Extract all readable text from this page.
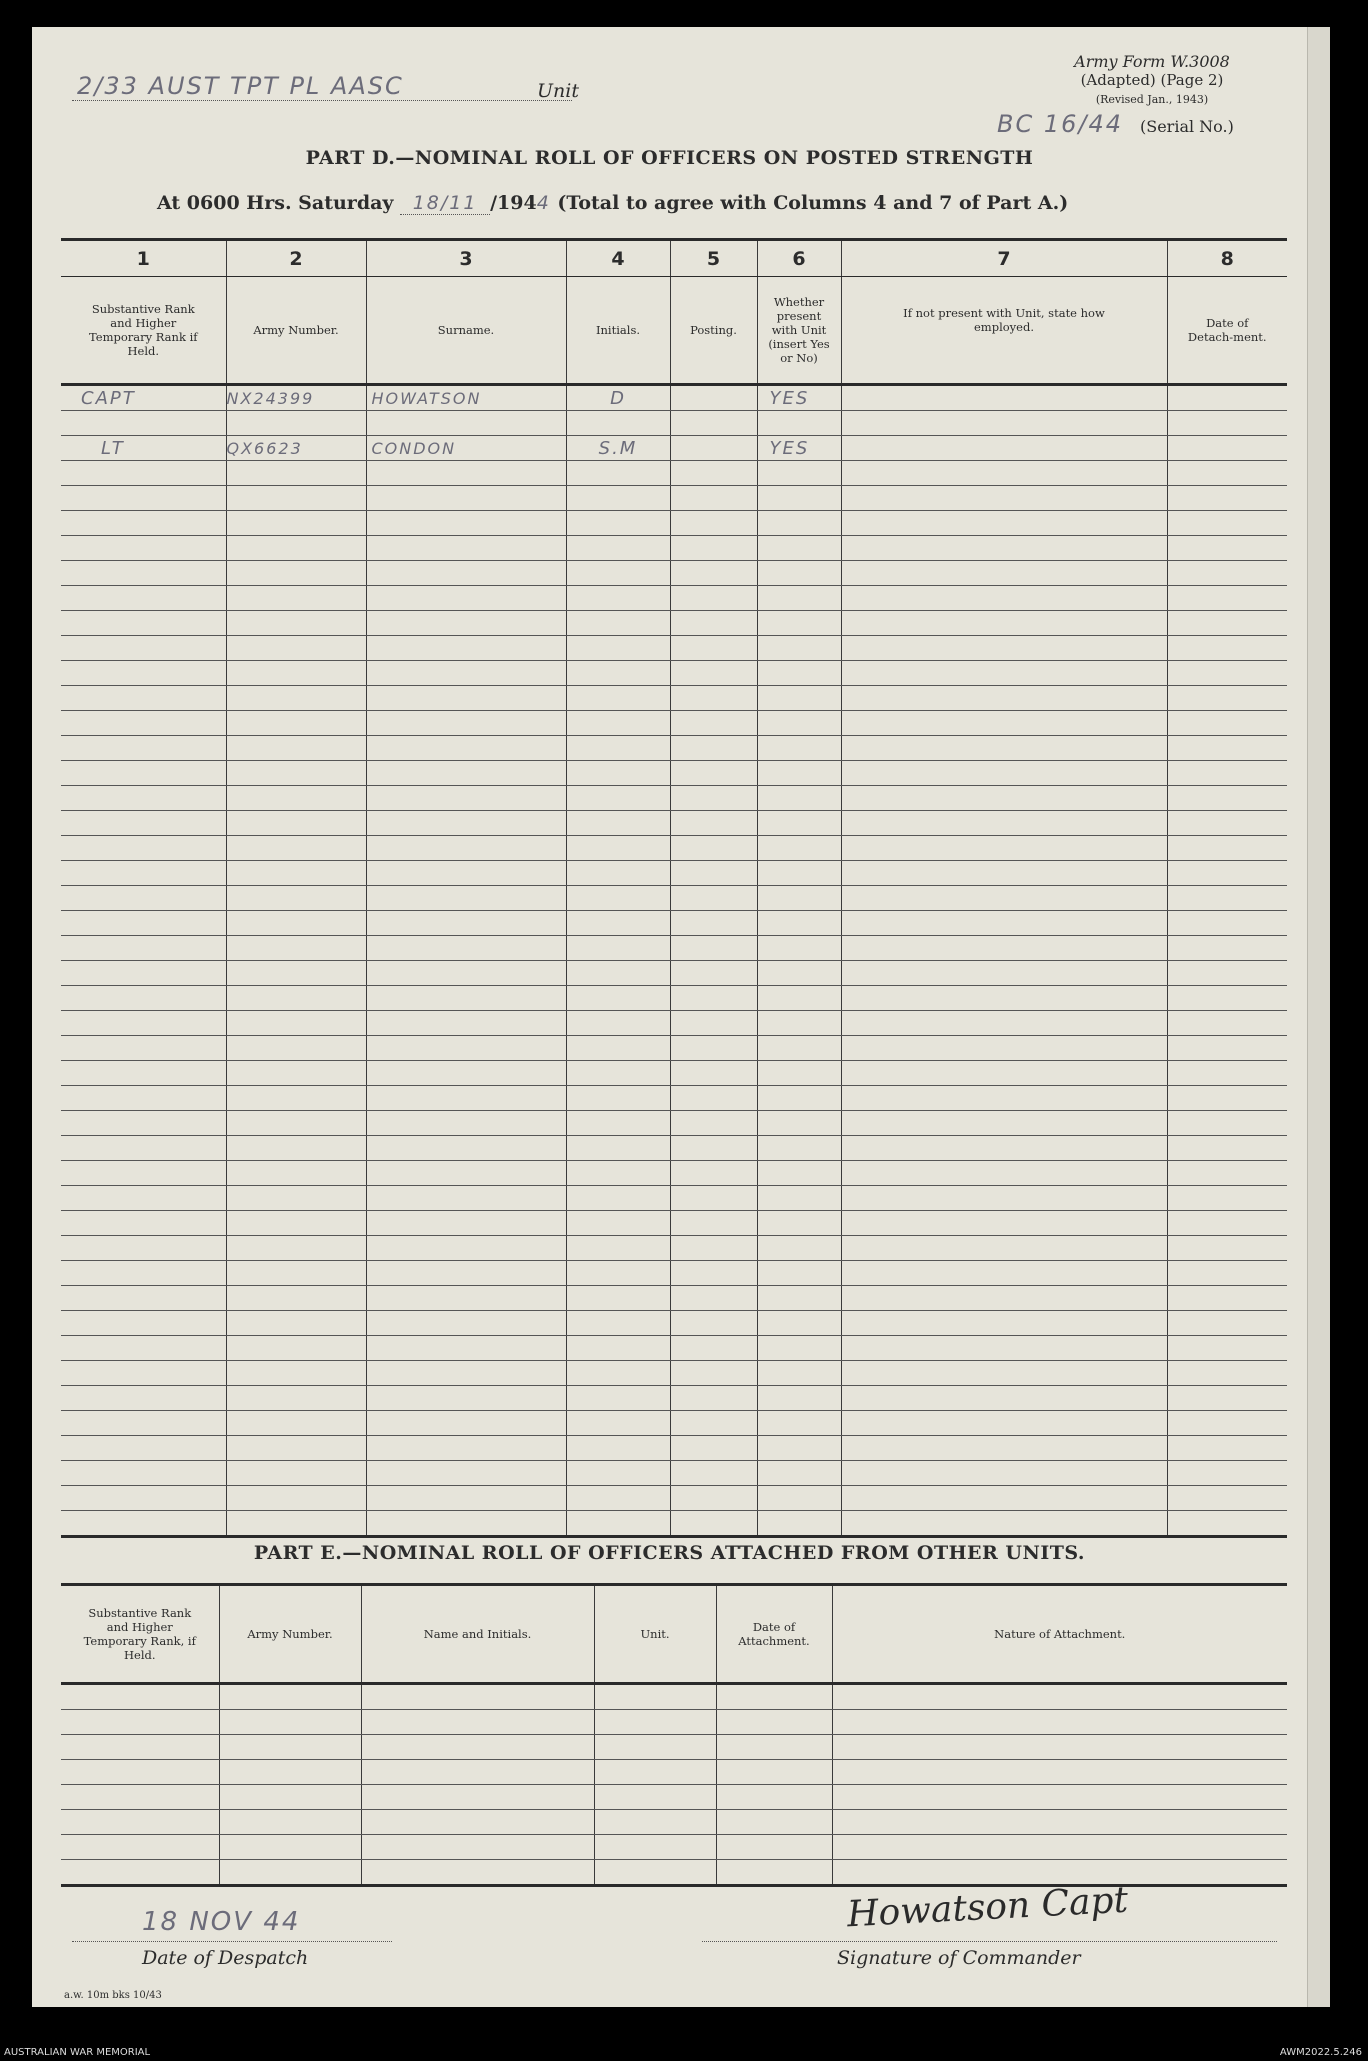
2/33 AUST TPT PL AASC	Unit
Army Form W.3008
(Adapted) (Page 2)
(Revised Jan., 1943)
BC 16/44 (Serial No.)
PART D.—NOMINAL ROLL OF OFFICERS ON POSTED STRENGTH
At 0600 Hrs. Saturday 18/11 /1944 (Total to agree with Columns 4 and 7 of Part A.)
1	2	3	4	5	6	7	8
Substantive Rank and Higher Temporary Rank if Held.	Army Number.	Surname.	Initials.	Posting.	Whether present with Unit (insert Yes or No)	If not present with Unit, state how employed.	Date of Detach-ment.
CAPT	NX24399	HOWATSON	D		YES		

LT	QX6623	CONDON	S.M		YES		

PART E.—NOMINAL ROLL OF OFFICERS ATTACHED FROM OTHER UNITS.
Substantive Rank and Higher Temporary Rank, if Held.	Army Number.	Name and Initials.	Unit.	Date of Attachment.	Nature of Attachment.

18 NOV 44
Date of Despatch
Howatson Capt
Signature of Commander
a.w. 10m bks 10/43
AUSTRALIAN WAR MEMORIAL	AWM2022.5.246
